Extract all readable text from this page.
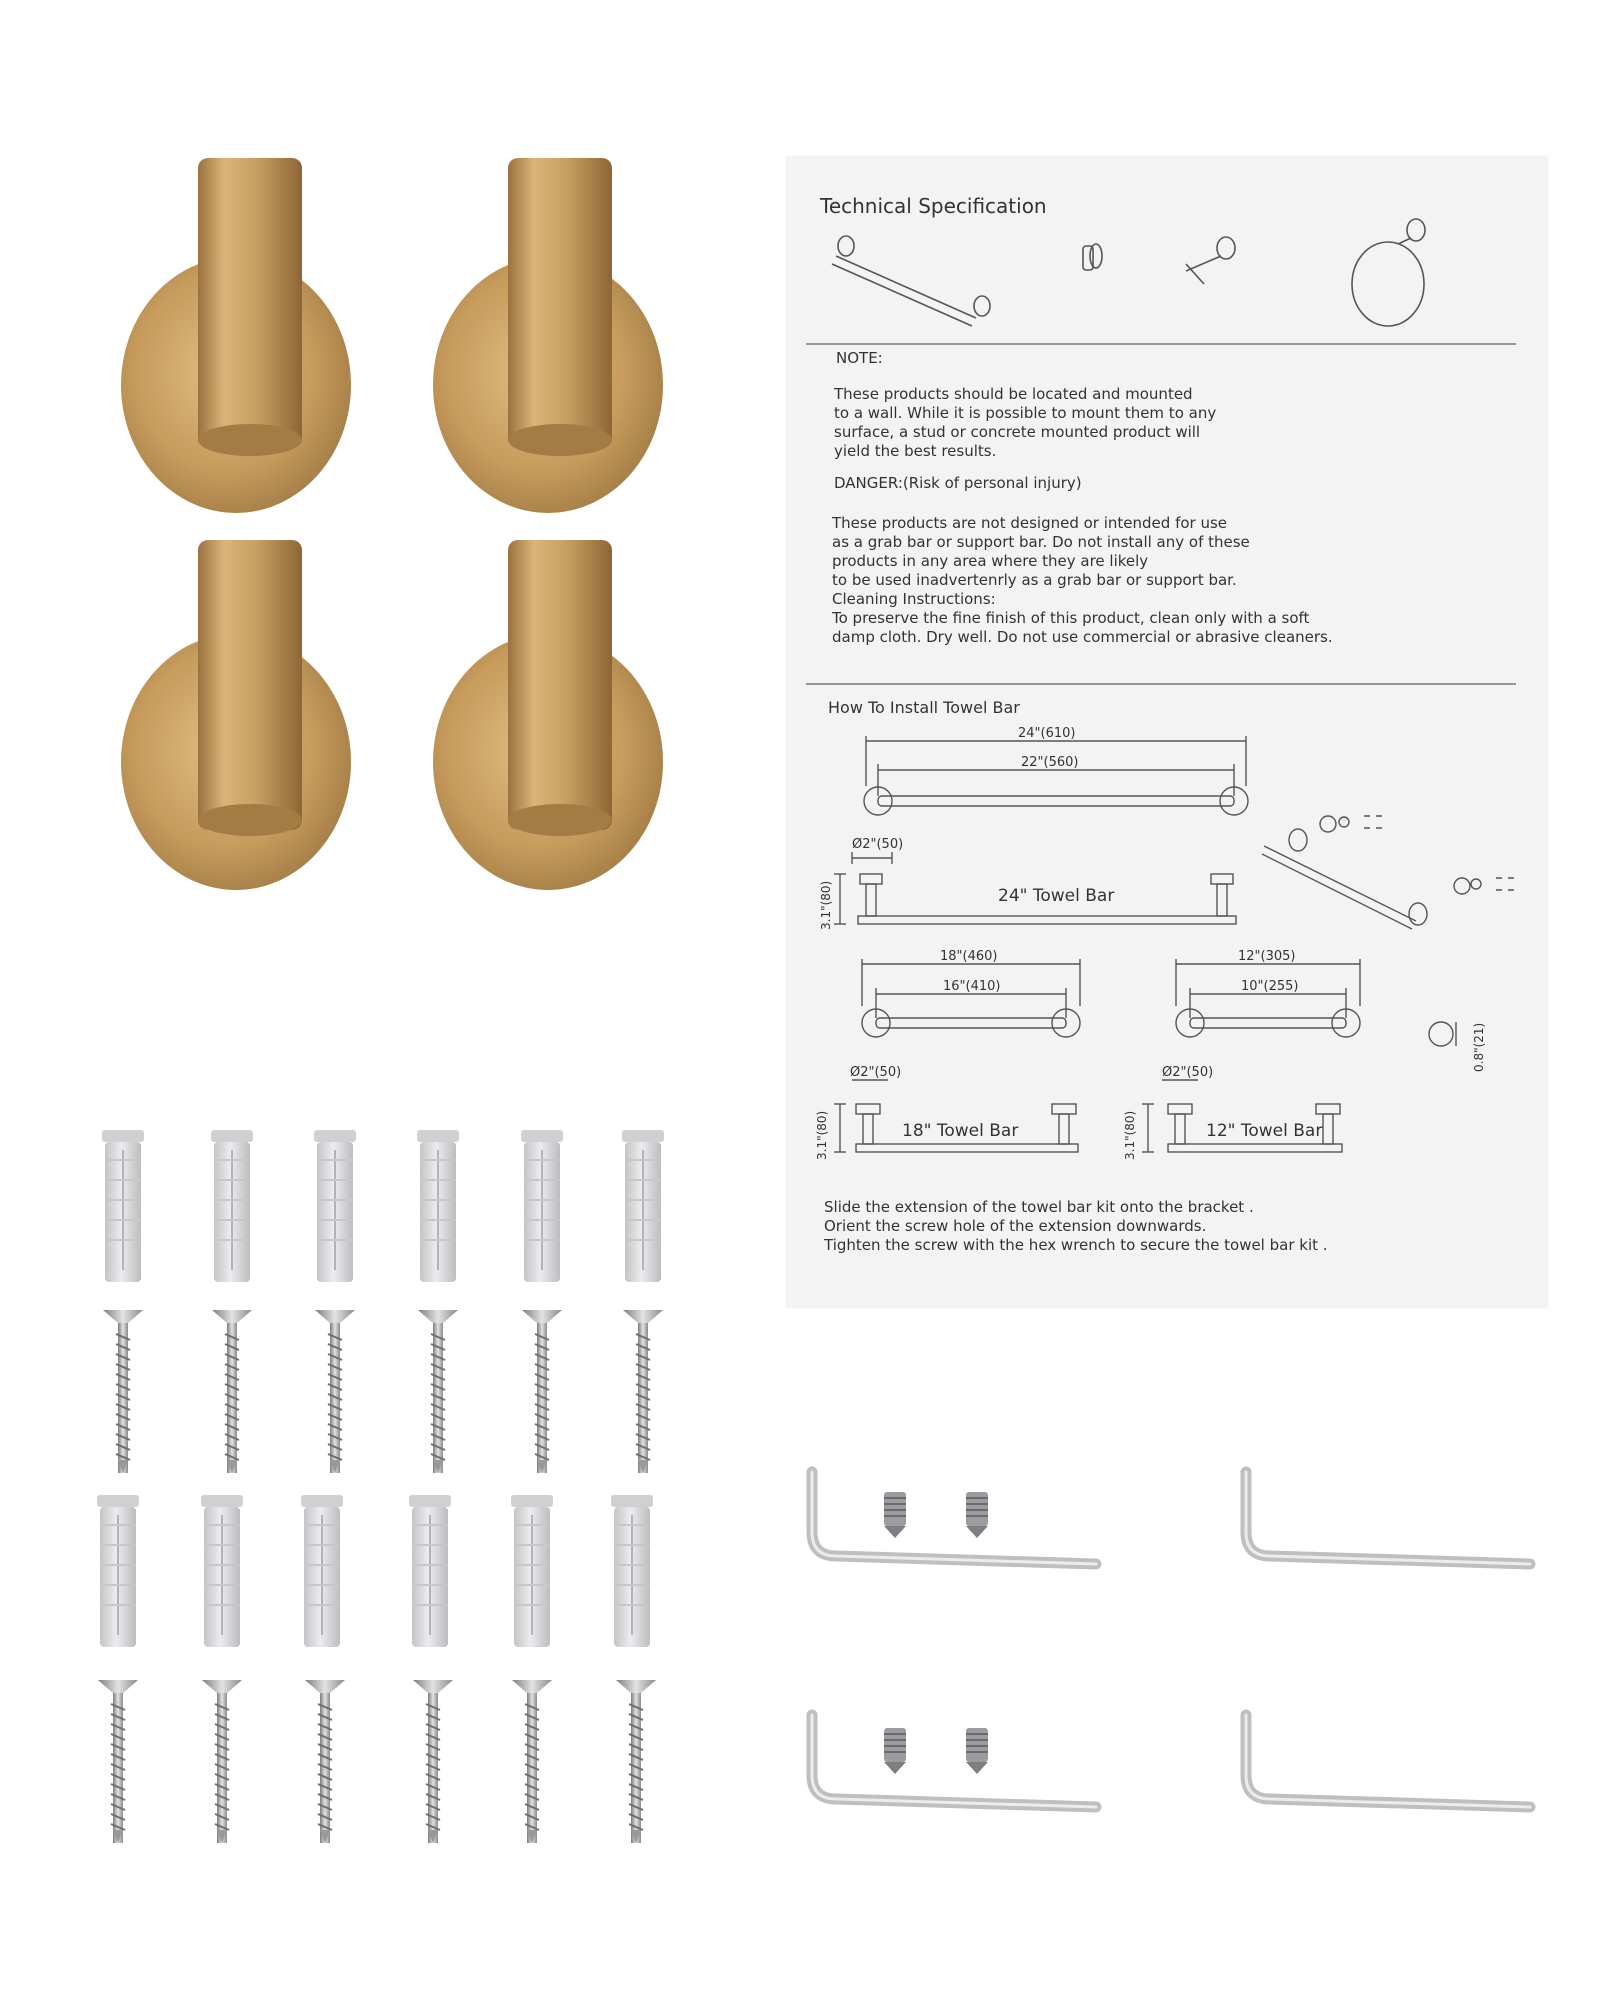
Technical Specification
NOTE:
These products should be located and mounted
to a wall. While it is possible to mount them to any
surface, a stud or concrete mounted product will
yield the best results.
DANGER:(Risk of personal injury)
These products are not designed or intended for use
as a grab bar or support bar. Do not install any of these
products in any area where they are likely
to be used inadvertenrly as a grab bar or support bar.
Cleaning Instructions:
To preserve the fine finish of this product, clean only with a soft
damp cloth. Dry well. Do not use commercial or abrasive cleaners.
How To Install Towel Bar
24"(610)
22"(560)
Ø2"(50)
3.1"(80)	24" Towel Bar
18"(460)
16"(410)
12"(305)
10"(255)
0.8"(21)
Ø2"(50)
3.1"(80)	18" Towel Bar
Ø2"(50)
3.1"(80)	12" Towel Bar
Slide the extension of the towel bar kit onto the bracket .
Orient the screw hole of the extension downwards.
Tighten the screw with the hex wrench to secure the towel bar kit .
